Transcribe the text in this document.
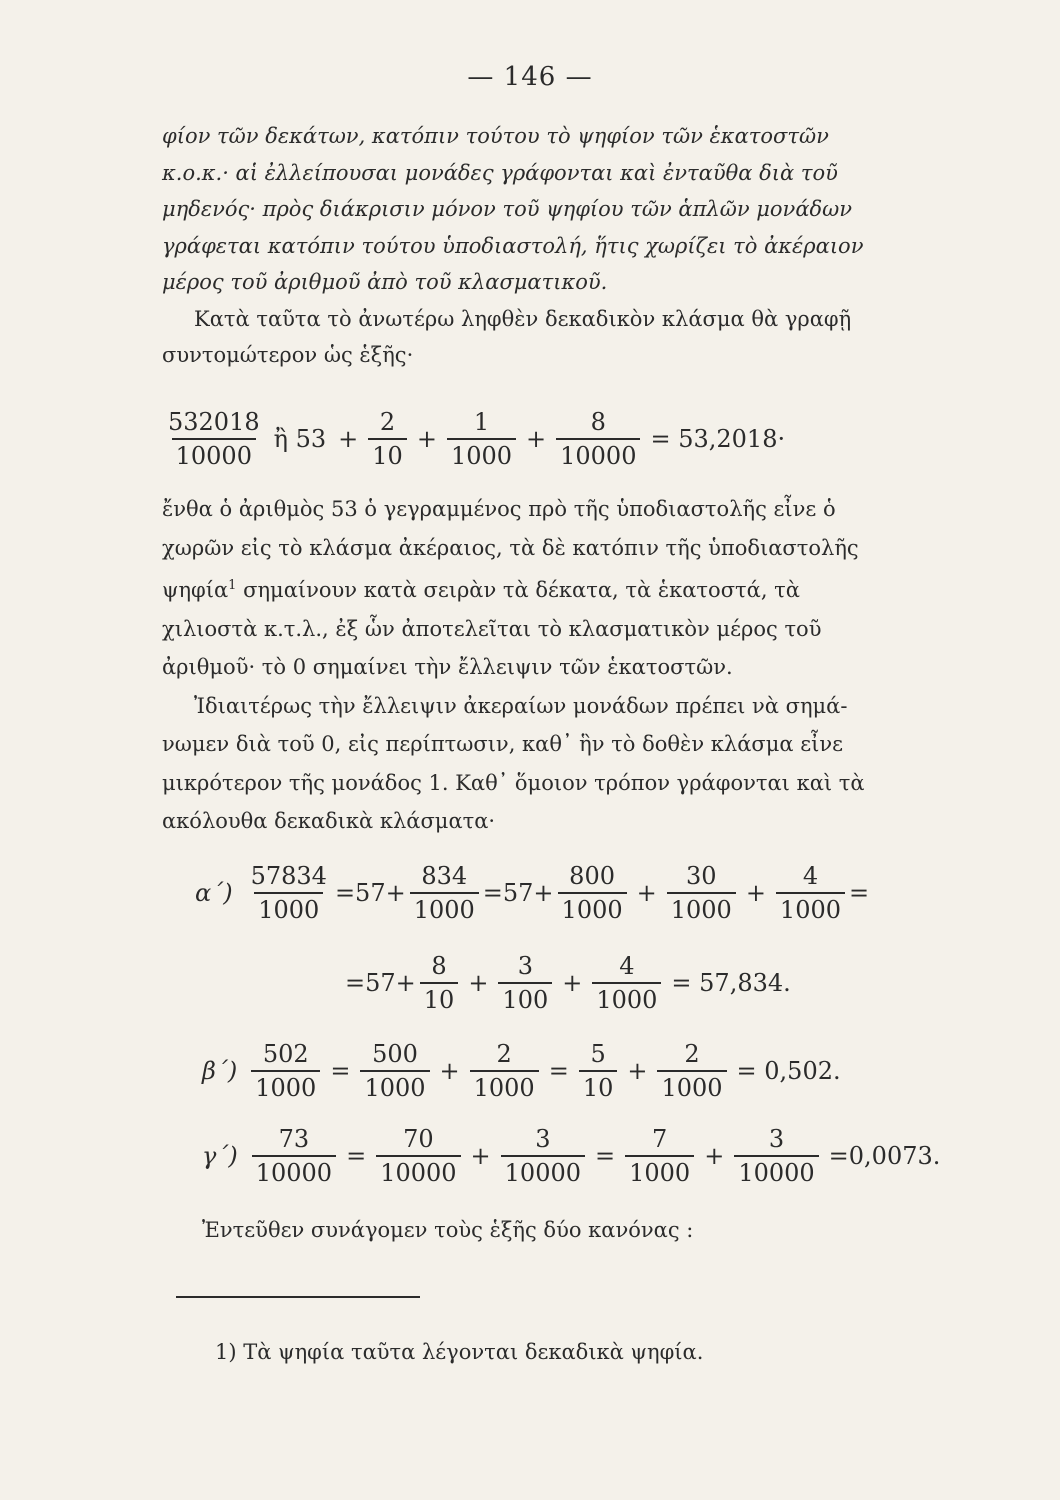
— 146 —

φίον τῶν δεκάτων, κατόπιν τούτου τὸ ψηφίον τῶν ἑκατοστῶν

κ.ο.κ.· αἱ ἐλλείπουσαι μονάδες γράφονται καὶ ἐνταῦθα διὰ τοῦ

μηδενός· πρὸς διάκρισιν μόνον τοῦ ψηφίου τῶν ἁπλῶν μονάδων

γράφεται κατόπιν τούτου ὑποδιαστολή, ἥτις χωρίζει τὸ ἀκέραιον

μέρος τοῦ ἀριθμοῦ ἀπὸ τοῦ κλασματικοῦ.

Κατὰ ταῦτα τὸ ἀνωτέρω ληφθὲν δεκαδικὸν κλάσμα θὰ γραφῇ

συντομώτερον ὡς ἑξῆς·

$\frac{532018}{10000}$ ἢ $53 + \frac{2}{10} + \frac{1}{1000} + \frac{8}{10000} = 53,2018\cdot$

ἔνθα ὁ ἀριθμὸς 53 ὁ γεγραμμένος πρὸ τῆς ὑποδιαστολῆς εἶνε ὁ

χωρῶν εἰς τὸ κλάσμα ἀκέραιος, τὰ δὲ κατόπιν τῆς ὑποδιαστολῆς

ψηφία$^1$ σημαίνουν κατὰ σειρὰν τὰ δέκατα, τὰ ἑκατοστά, τὰ

χιλιοστὰ κ.τ.λ., ἐξ ὧν ἀποτελεῖται τὸ κλασματικὸν μέρος τοῦ

ἀριθμοῦ· τὸ 0 σημαίνει τὴν ἔλλειψιν τῶν ἑκατοστῶν.

Ἰδιαιτέρως τὴν ἔλλειψιν ἀκεραίων μονάδων πρέπει νὰ σημά-

νωμεν διὰ τοῦ 0, εἰς περίπτωσιν, καθ᾽ ἣν τὸ δοθὲν κλάσμα εἶνε

μικρότερον τῆς μονάδος 1. Καθ᾽ ὅμοιον τρόπον γράφονται καὶ τὰ

ακόλουθα δεκαδικὰ κλάσματα·

$\alpha΄) \frac{57834}{1000} =57+ \frac{834}{1000} =57+ \frac{800}{1000} + \frac{30}{1000} + \frac{4}{1000}$ =
$=57+ \frac{8}{10} + \frac{3}{100} + \frac{4}{1000} = 57,834$.
$\beta΄) \frac{502}{1000} = \frac{500}{1000} + \frac{2}{1000} = \frac{5}{10} + \frac{2}{1000} = 0,502$.
$\gamma΄) \frac{73}{10000} = \frac{70}{10000} + \frac{3}{10000} = \frac{7}{1000} + \frac{3}{10000} =0,0073$.
Ἐντεῦθεν συνάγομεν τοὺς ἑξῆς δύο κανόνας :
1) Τὰ ψηφία ταῦτα λέγονται δεκαδικὰ ψηφία.
